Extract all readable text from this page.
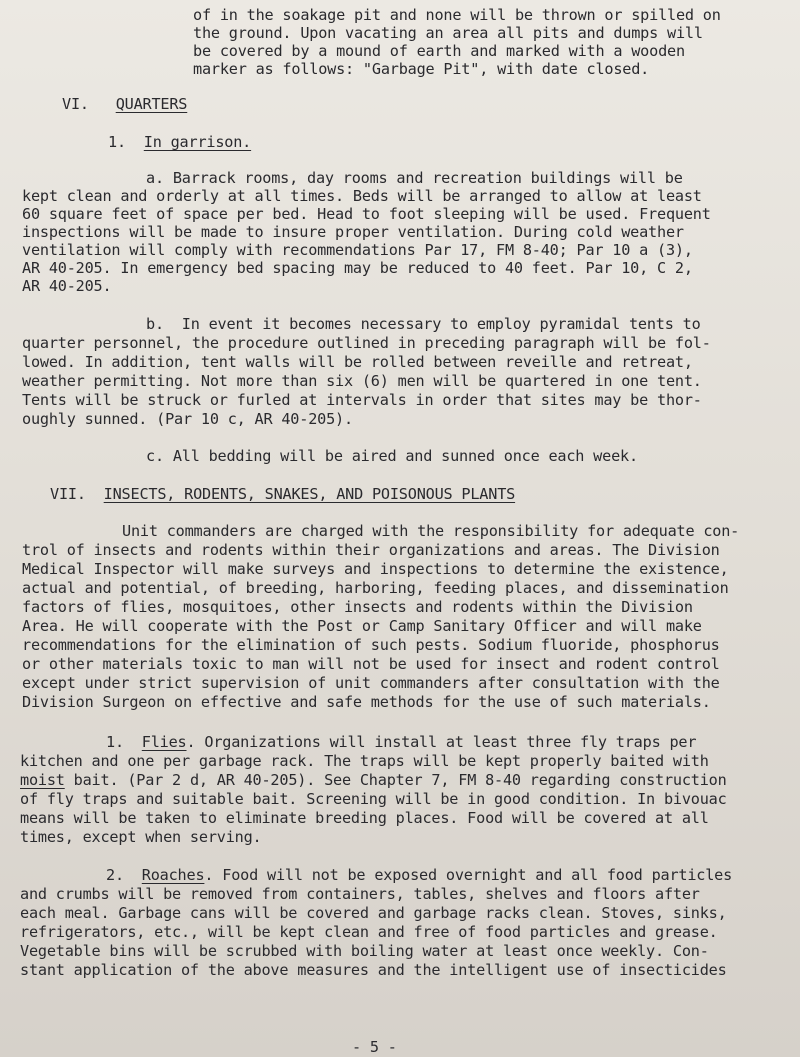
of in the soakage pit and none will be thrown or spilled on

the ground. Upon vacating an area all pits and dumps will

be covered by a mound of earth and marked with a wooden

marker as follows: "Garbage Pit", with date closed.

VI. QUARTERS

1. In garrison.

a. Barrack rooms, day rooms and recreation buildings will be

kept clean and orderly at all times. Beds will be arranged to allow at least

60 square feet of space per bed. Head to foot sleeping will be used. Frequent

inspections will be made to insure proper ventilation. During cold weather

ventilation will comply with recommendations Par 17, FM 8-40; Par 10 a (3),

AR 40-205. In emergency bed spacing may be reduced to 40 feet. Par 10, C 2,

AR 40-205.

b. In event it becomes necessary to employ pyramidal tents to

quarter personnel, the procedure outlined in preceding paragraph will be fol-

lowed. In addition, tent walls will be rolled between reveille and retreat,

weather permitting. Not more than six (6) men will be quartered in one tent.

Tents will be struck or furled at intervals in order that sites may be thor-

oughly sunned. (Par 10 c, AR 40-205).

c. All bedding will be aired and sunned once each week.

VII. INSECTS, RODENTS, SNAKES, AND POISONOUS PLANTS

Unit commanders are charged with the responsibility for adequate con-

trol of insects and rodents within their organizations and areas. The Division

Medical Inspector will make surveys and inspections to determine the existence,

actual and potential, of breeding, harboring, feeding places, and dissemination

factors of flies, mosquitoes, other insects and rodents within the Division

Area. He will cooperate with the Post or Camp Sanitary Officer and will make

recommendations for the elimination of such pests. Sodium fluoride, phosphorus

or other materials toxic to man will not be used for insect and rodent control

except under strict supervision of unit commanders after consultation with the

Division Surgeon on effective and safe methods for the use of such materials.

1. Flies. Organizations will install at least three fly traps per

kitchen and one per garbage rack. The traps will be kept properly baited with

moist bait. (Par 2 d, AR 40-205). See Chapter 7, FM 8-40 regarding construction

of fly traps and suitable bait. Screening will be in good condition. In bivouac

means will be taken to eliminate breeding places. Food will be covered at all

times, except when serving.

2. Roaches. Food will not be exposed overnight and all food particles

and crumbs will be removed from containers, tables, shelves and floors after

each meal. Garbage cans will be covered and garbage racks clean. Stoves, sinks,

refrigerators, etc., will be kept clean and free of food particles and grease.

Vegetable bins will be scrubbed with boiling water at least once weekly. Con-

stant application of the above measures and the intelligent use of insecticides

- 5 -
